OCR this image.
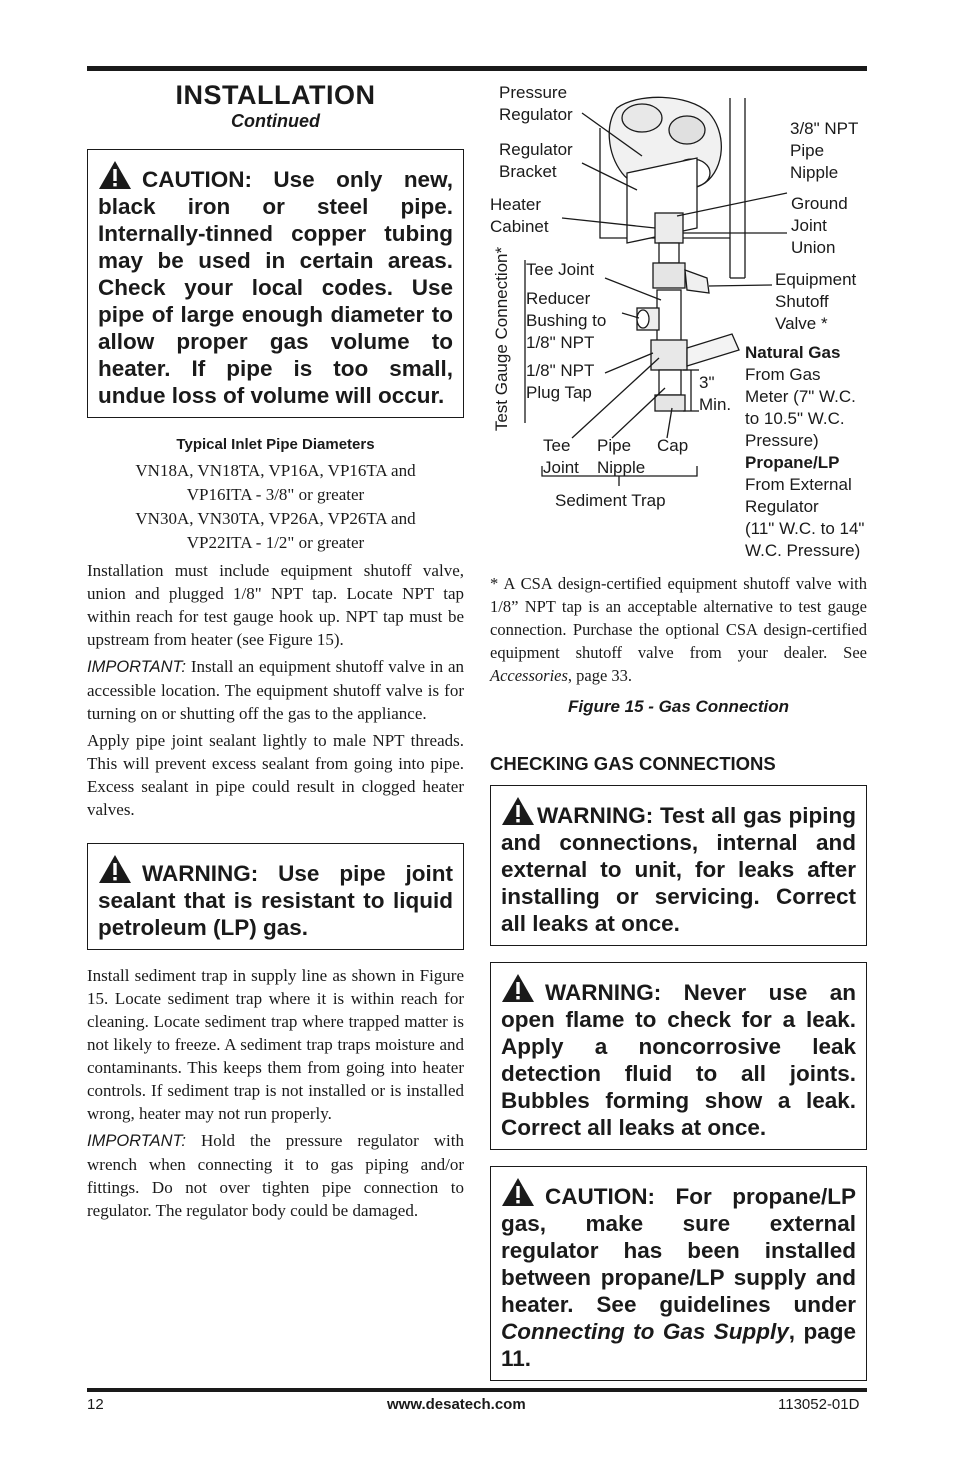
INSTALLATION

Continued

CAUTION: Use only new, black iron or steel pipe. Internally-tinned copper tubing may be used in certain areas. Check your local codes. Use pipe of large enough diameter to allow proper gas volume to heater. If pipe is too small, undue loss of volume will occur.

Typical Inlet Pipe Diameters

VN18A, VN18TA, VP16A, VP16TA and

VP16ITA - 3/8" or greater

VN30A, VN30TA, VP26A, VP26TA and

VP22ITA - 1/2" or greater

Installation must include equipment shutoff valve, union and plugged 1/8" NPT tap. Locate NPT tap within reach for test gauge hook up. NPT tap must be upstream from heater (see Figure 15).

IMPORTANT: Install an equipment shutoff valve in an accessible location. The equipment shutoff valve is for turning on or shutting off the gas to the appliance.

Apply pipe joint sealant lightly to male NPT threads. This will prevent excess sealant from going into pipe. Excess sealant in pipe could result in clogged heater valves.

WARNING: Use pipe joint sealant that is resistant to liquid petroleum (LP) gas.

Install sediment trap in supply line as shown in Figure 15. Locate sediment trap where it is within reach for cleaning. Locate sediment trap where trapped matter is not likely to freeze. A sediment trap traps moisture and contaminants. This keeps them from going into heater controls. If sediment trap is not installed or is installed wrong, heater may not run properly.

IMPORTANT: Hold the pressure regulator with wrench when connecting it to gas piping and/or fittings. Do not over tighten pipe connection to regulator. The regulator body could be damaged.

Pressure
Regulator
Regulator
Bracket
Heater
Cabinet
3/8" NPT
Pipe
Nipple
Ground
Joint
Union
Equipment
Shutoff
Valve *
Test Gauge Connection* Tee Joint
Reducer
Bushing to
1/8" NPT
1/8" NPT
Plug Tap
3"
Min.
Tee
Joint
Pipe
Nipple
Cap
Sediment Trap
Natural Gas
From Gas
Meter (7" W.C.
to 10.5" W.C.
Pressure)
Propane/LP
From External
Regulator
(11" W.C. to 14"
W.C. Pressure)

* A CSA design-certified equipment shutoff valve with 1/8” NPT tap is an acceptable alternative to test gauge connection. Purchase the optional CSA design-certified equipment shutoff valve from your dealer. See Accessories, page 33.

Figure 15 - Gas Connection

CHECKING GAS CONNECTIONS

WARNING: Test all gas piping and connections, internal and external to unit, for leaks after installing or servicing. Correct all leaks at once.
WARNING: Never use an open flame to check for a leak. Apply a noncorrosive leak detection fluid to all joints. Bubbles forming show a leak. Correct all leaks at once.
CAUTION: For propane/LP gas, make sure external regulator has been installed between propane/LP supply and heater. See guidelines under Connecting to Gas Supply, page 11.
12	www.desatech.com	113052-01D
